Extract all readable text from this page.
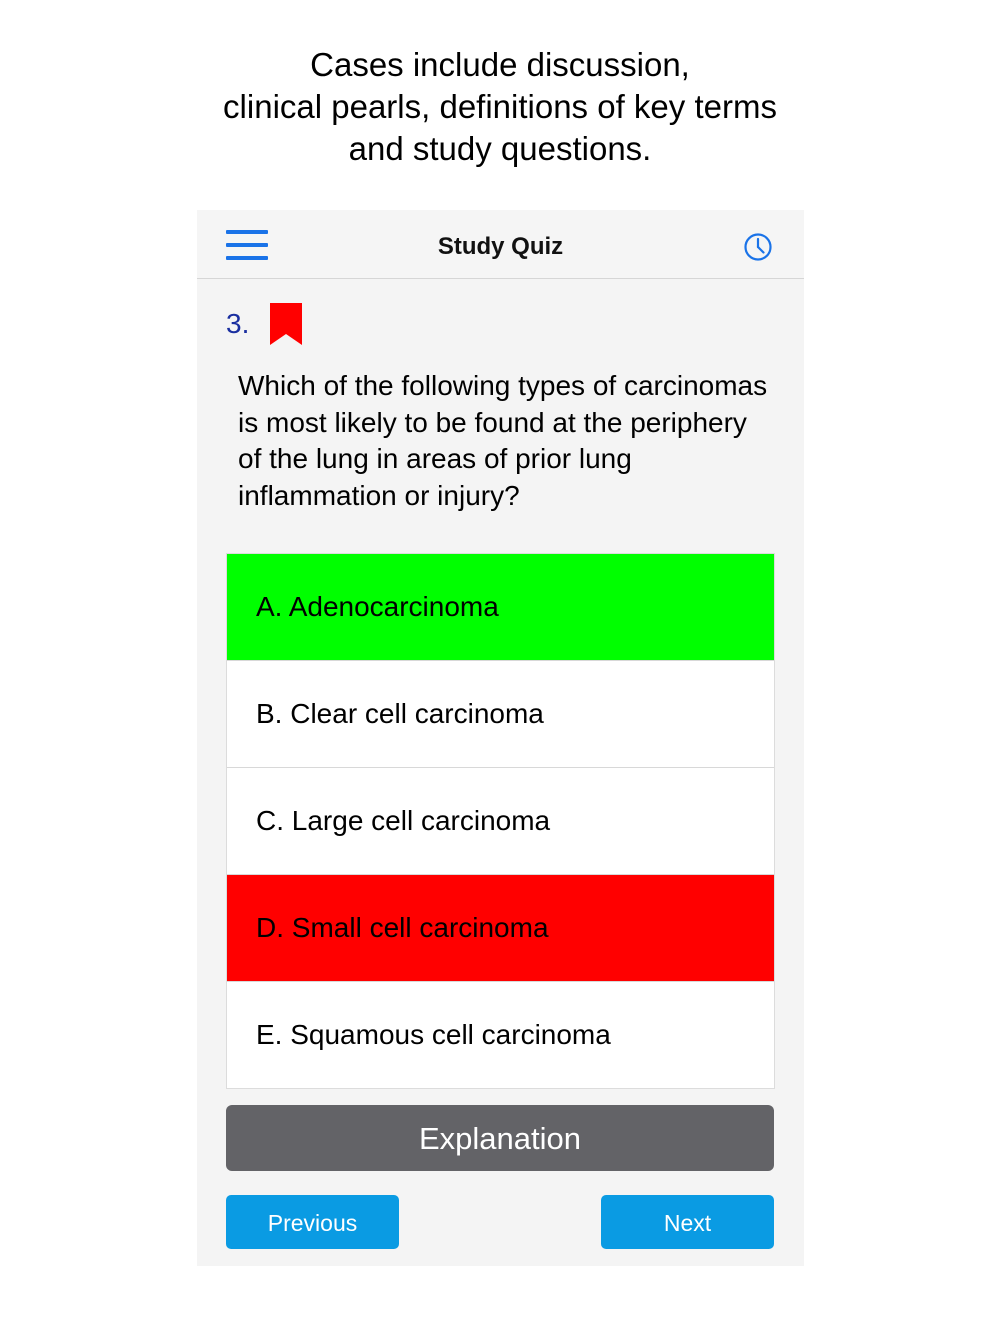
Cases include discussion,
clinical pearls, definitions of key terms
and study questions.
Study Quiz
3.
Which of the following types of carcinomas is most likely to be found at the periphery of the lung in areas of prior lung inflammation or injury?
A. Adenocarcinoma
B. Clear cell carcinoma
C. Large cell carcinoma
D. Small cell carcinoma
E. Squamous cell carcinoma
Explanation
Previous	Next
